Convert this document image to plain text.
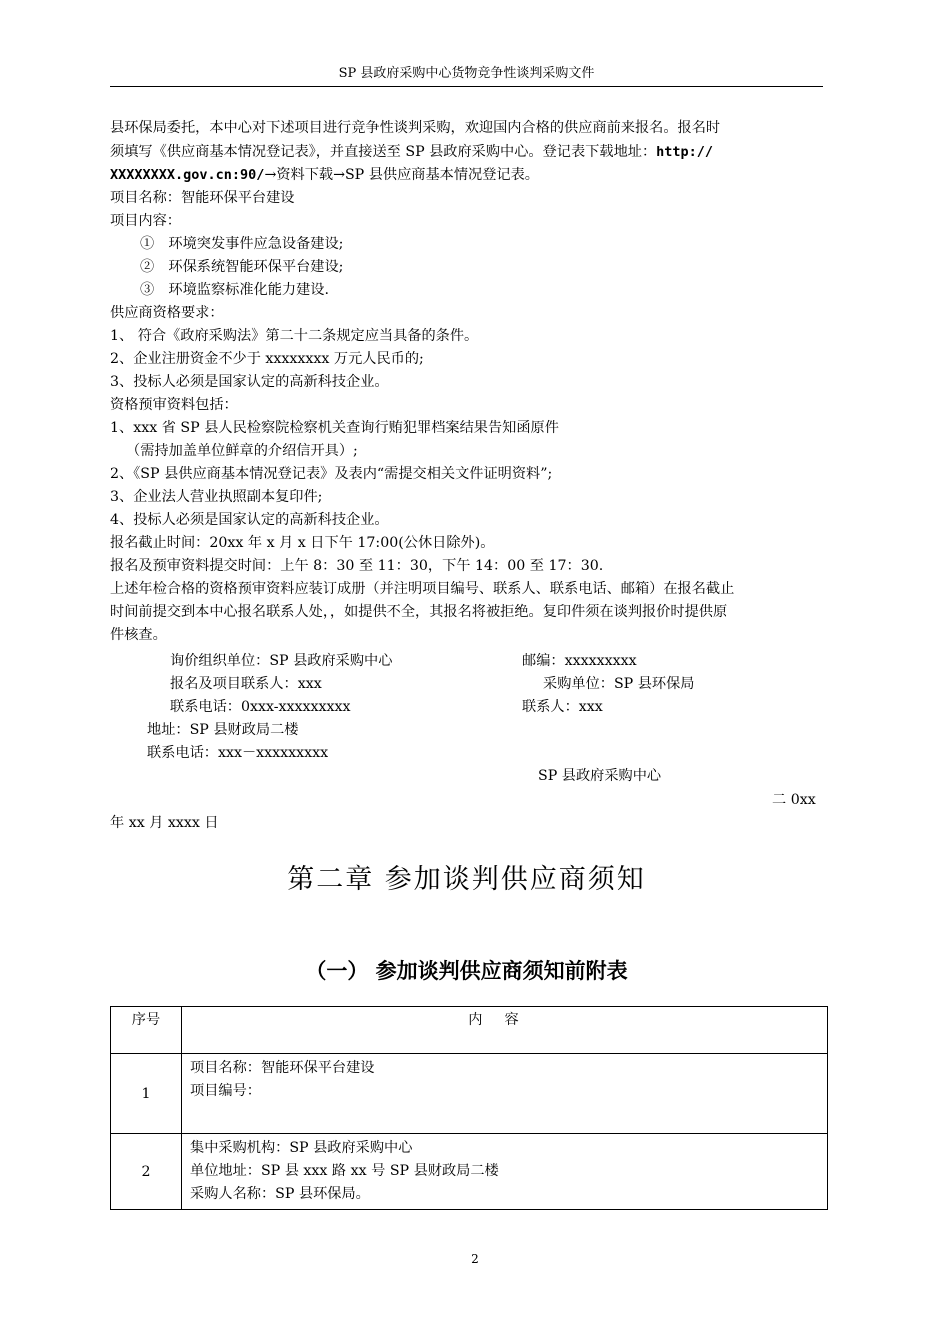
SP 县政府采购中心货物竞争性谈判采购文件
县环保局委托，本中心对下述项目进行竞争性谈判采购，欢迎国内合格的供应商前来报名。报名时
须填写《供应商基本情况登记表》，并直接送至 SP 县政府采购中心。登记表下载地址：http://
XXXXXXXX.gov.cn:90/→资料下载→SP 县供应商基本情况登记表。
项目名称：智能环保平台建设
项目内容：
①　环境突发事件应急设备建设;
②　环保系统智能环保平台建设;
③　环境监察标准化能力建设.
供应商资格要求：
1、 符合《政府采购法》第二十二条规定应当具备的条件。
2、企业注册资金不少于 xxxxxxxx 万元人民币的;
3、投标人必须是国家认定的高新科技企业。
资格预审资料包括：
1、xxx 省 SP 县人民检察院检察机关查询行贿犯罪档案结果告知函原件
（需持加盖单位鲜章的介绍信开具）;
2、《SP 县供应商基本情况登记表》及表内“需提交相关文件证明资料”;
3、企业法人营业执照副本复印件;
4、投标人必须是国家认定的高新科技企业。
报名截止时间：20xx 年 x 月 x 日下午 17:00(公休日除外)。
报名及预审资料提交时间：上午 8：30 至 11：30，下午 14：00 至 17：30.
上述年检合格的资格预审资料应装订成册（并注明项目编号、联系人、联系电话、邮箱）在报名截止
时间前提交到本中心报名联系人处，，如提供不全，其报名将被拒绝。复印件须在谈判报价时提供原
件核查。
询价组织单位：SP 县政府采购中心	邮编：xxxxxxxxx
报名及项目联系人：xxx	采购单位：SP 县环保局
联系电话：0xxx-xxxxxxxxx	联系人：xxx
地址：SP 县财政局二楼
联系电话：xxx－xxxxxxxxx
SP 县政府采购中心
二 0xx
年 xx 月 xxxx 日
第二章 参加谈判供应商须知
（一） 参加谈判供应商须知前附表
序号	内容
1	项目名称：智能环保平台建设
项目编号：

2	集中采购机构：SP 县政府采购中心
单位地址：SP 县 xxx 路 xx 号 SP 县财政局二楼
采购人名称：SP 县环保局。
2
